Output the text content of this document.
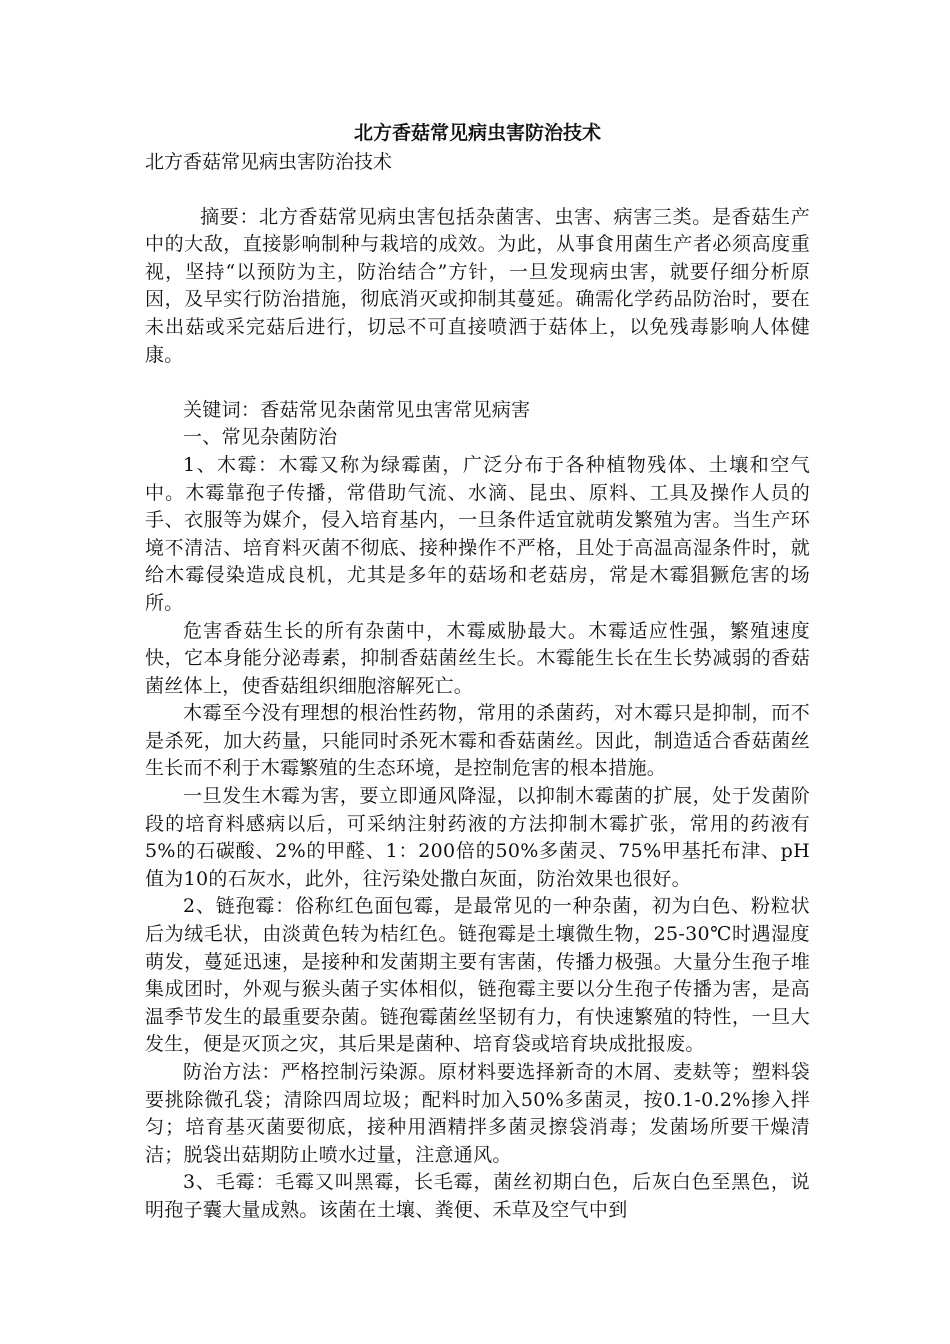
北方香菇常见病虫害防治技术
北方香菇常见病虫害防治技术

摘要：北方香菇常见病虫害包括杂菌害、虫害、病害三类。是香菇生产中的大敌，直接影响制种与栽培的成效。为此，从事食用菌生产者必须高度重视，坚持“以预防为主，防治结合”方针，一旦发现病虫害，就要仔细分析原因，及早实行防治措施，彻底消灭或抑制其蔓延。确需化学药品防治时，要在未出菇或采完菇后进行，切忌不可直接喷洒于菇体上，以免残毒影响人体健康。

关键词：香菇常见杂菌常见虫害常见病害

一、常见杂菌防治

1、木霉：木霉又称为绿霉菌，广泛分布于各种植物残体、土壤和空气中。木霉靠孢子传播，常借助气流、水滴、昆虫、原料、工具及操作人员的手、衣服等为媒介，侵入培育基内，一旦条件适宜就萌发繁殖为害。当生产环境不清洁、培育料灭菌不彻底、接种操作不严格，且处于高温高湿条件时，就给木霉侵染造成良机，尤其是多年的菇场和老菇房，常是木霉猖獗危害的场所。

危害香菇生长的所有杂菌中，木霉威胁最大。木霉适应性强，繁殖速度快，它本身能分泌毒素，抑制香菇菌丝生长。木霉能生长在生长势减弱的香菇菌丝体上，使香菇组织细胞溶解死亡。

木霉至今没有理想的根治性药物，常用的杀菌药，对木霉只是抑制，而不是杀死，加大药量，只能同时杀死木霉和香菇菌丝。因此，制造适合香菇菌丝生长而不利于木霉繁殖的生态环境，是控制危害的根本措施。

一旦发生木霉为害，要立即通风降湿，以抑制木霉菌的扩展，处于发菌阶段的培育料感病以后，可采纳注射药液的方法抑制木霉扩张，常用的药液有5%的石碳酸、2%的甲醛、1：200倍的50%多菌灵、75%甲基托布津、pH值为10的石灰水，此外，往污染处撒白灰面，防治效果也很好。

2、链孢霉：俗称红色面包霉，是最常见的一种杂菌，初为白色、粉粒状后为绒毛状，由淡黄色转为桔红色。链孢霉是土壤微生物，25-30℃时遇湿度萌发，蔓延迅速，是接种和发菌期主要有害菌，传播力极强。大量分生孢子堆集成团时，外观与猴头菌子实体相似，链孢霉主要以分生孢子传播为害，是高温季节发生的最重要杂菌。链孢霉菌丝坚韧有力，有快速繁殖的特性，一旦大发生，便是灭顶之灾，其后果是菌种、培育袋或培育块成批报废。

防治方法：严格控制污染源。原材料要选择新奇的木屑、麦麸等；塑料袋要挑除微孔袋；清除四周垃圾；配料时加入50%多菌灵，按0.1-0.2%掺入拌匀；培育基灭菌要彻底，接种用酒精拌多菌灵擦袋消毒；发菌场所要干燥清洁；脱袋出菇期防止喷水过量，注意通风。

3、毛霉：毛霉又叫黑霉，长毛霉，菌丝初期白色，后灰白色至黑色，说明孢子囊大量成熟。该菌在土壤、粪便、禾草及空气中到
